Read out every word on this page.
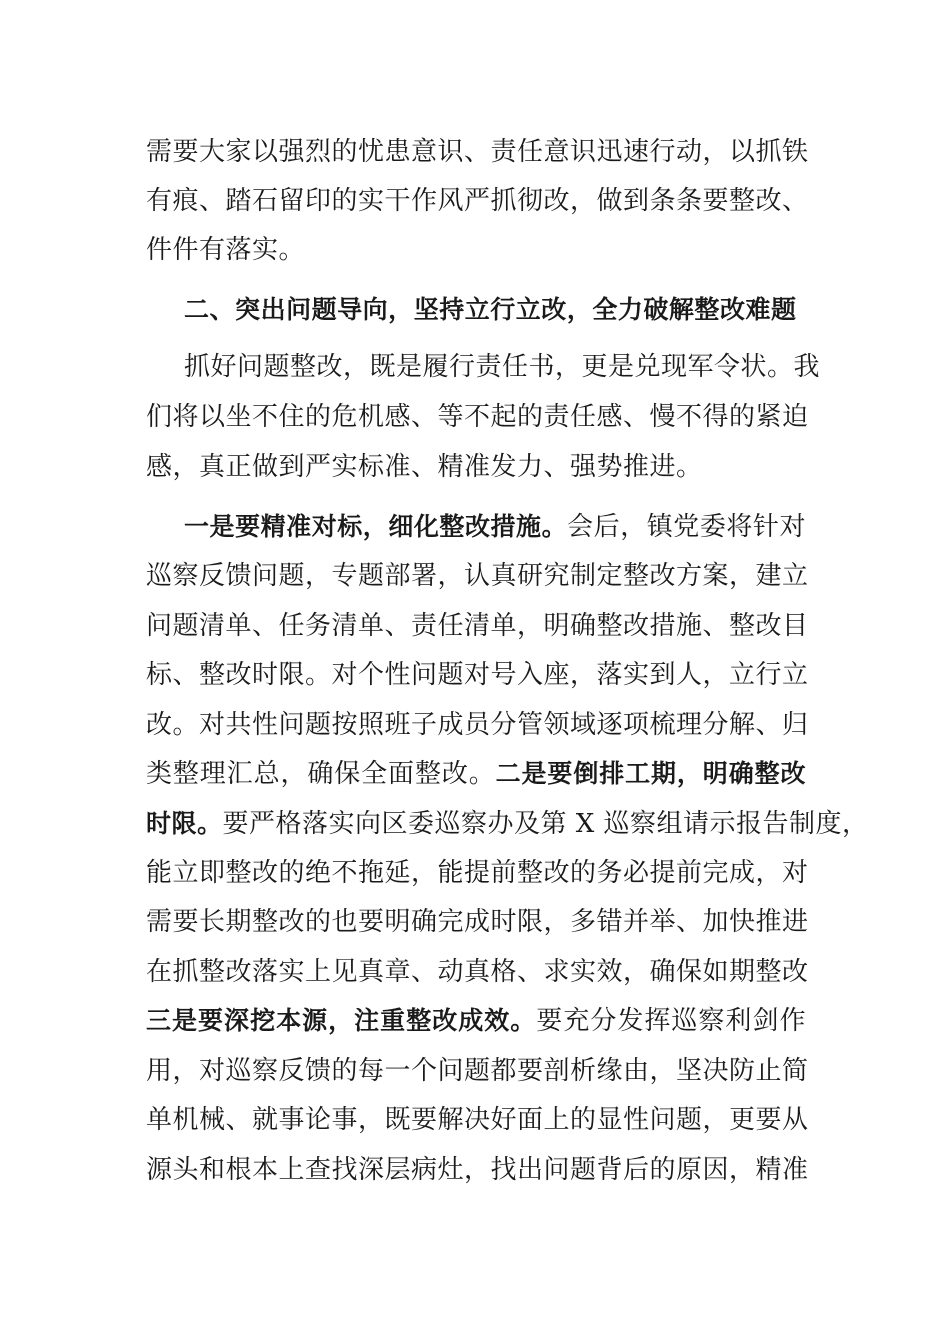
需要大家以强烈的忧患意识、责任意识迅速行动，以抓铁
有痕、踏石留印的实干作风严抓彻改，做到条条要整改、
件件有落实。
二、突出问题导向，坚持立行立改，全力破解整改难题
抓好问题整改，既是履行责任书，更是兑现军令状。我
们将以坐不住的危机感、等不起的责任感、慢不得的紧迫
感，真正做到严实标准、精准发力、强势推进。
一是要精准对标，细化整改措施。会后，镇党委将针对
巡察反馈问题，专题部署，认真研究制定整改方案，建立
问题清单、任务清单、责任清单，明确整改措施、整改目
标、整改时限。对个性问题对号入座，落实到人，立行立
改。对共性问题按照班子成员分管领域逐项梳理分解、归
类整理汇总，确保全面整改。二是要倒排工期，明确整改
时限。要严格落实向区委巡察办及第 X 巡察组请示报告制度，
能立即整改的绝不拖延，能提前整改的务必提前完成，对
需要长期整改的也要明确完成时限，多错并举、加快推进
在抓整改落实上见真章、动真格、求实效，确保如期整改
三是要深挖本源，注重整改成效。要充分发挥巡察利剑作
用，对巡察反馈的每一个问题都要剖析缘由，坚决防止简
单机械、就事论事，既要解决好面上的显性问题，更要从
源头和根本上查找深层病灶，找出问题背后的原因，精准
